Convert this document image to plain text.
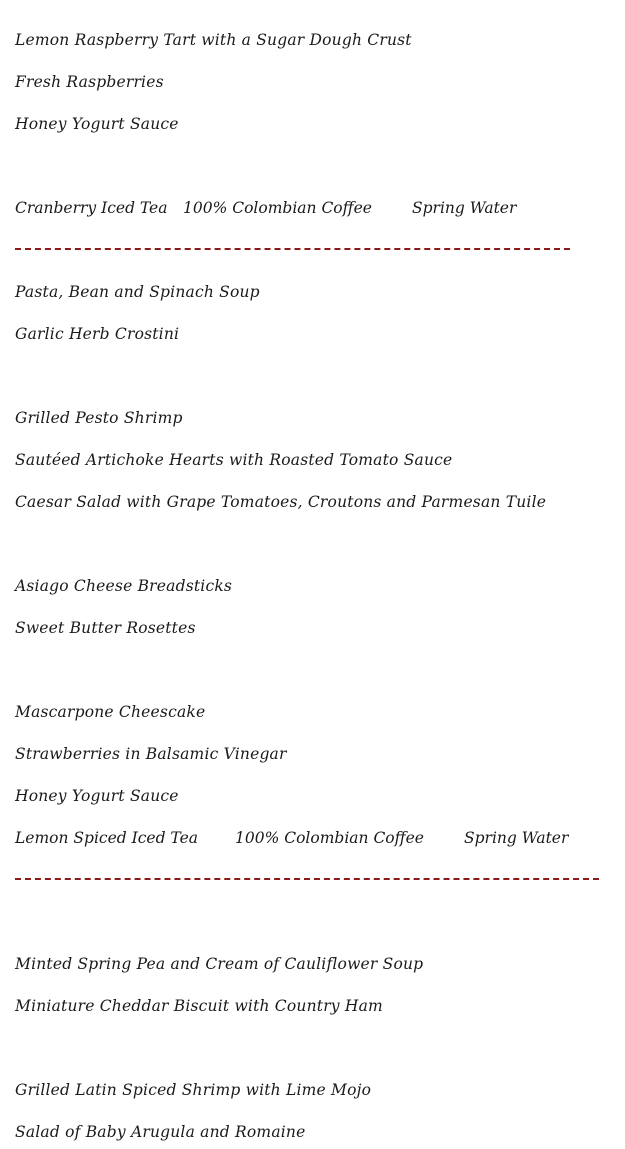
Lemon Raspberry Tart with a Sugar Dough Crust
Fresh Raspberries
Honey Yogurt Sauce
Cranberry Iced Tea 100% Colombian Coffee	Spring Water
Pasta, Bean and Spinach Soup
Garlic Herb Crostini
Grilled Pesto Shrimp
Sautéed Artichoke Hearts with Roasted Tomato Sauce
Caesar Salad with Grape Tomatoes, Croutons and Parmesan Tuile
Asiago Cheese Breadsticks
Sweet Butter Rosettes
Mascarpone Cheescake
Strawberries in Balsamic Vinegar
Honey Yogurt Sauce
Lemon Spiced Iced Tea 100% Colombian Coffee	Spring Water
Minted Spring Pea and Cream of Cauliflower Soup
Miniature Cheddar Biscuit with Country Ham
Grilled Latin Spiced Shrimp with Lime Mojo
Salad of Baby Arugula and Romaine
